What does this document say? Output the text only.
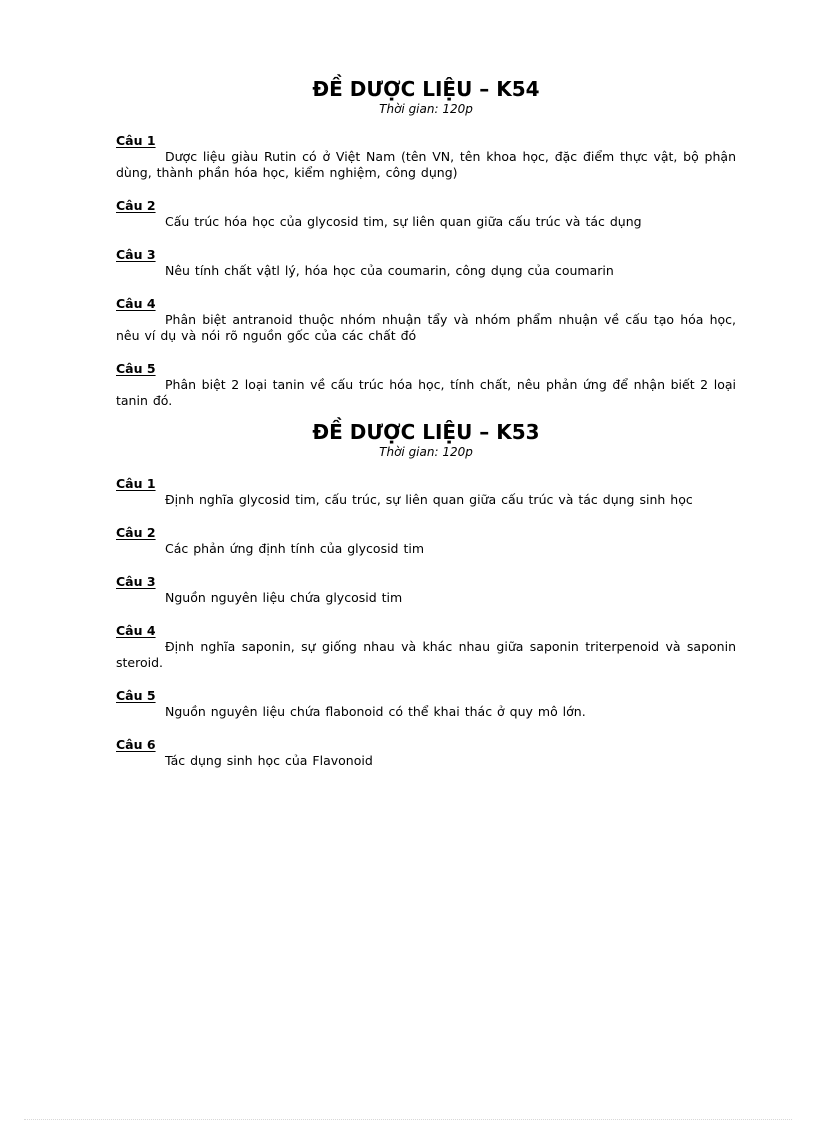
ĐỀ DƯỢC LIỆU – K54

Thời gian: 120p

Câu 1

Dược liệu giàu Rutin có ở Việt Nam (tên VN, tên khoa học, đặc điểm thực vật, bộ phận dùng, thành phần hóa học, kiểm nghiệm, công dụng)

Câu 2

Cấu trúc hóa học của glycosid tim, sự liên quan giữa cấu trúc và tác dụng

Câu 3

Nêu tính chất vậtl lý, hóa học của coumarin, công dụng của coumarin

Câu 4

Phân biệt antranoid thuộc nhóm nhuận tẩy và nhóm phẩm nhuận về cấu tạo hóa học, nêu ví dụ và nói rõ nguồn gốc của các chất đó

Câu 5

Phân biệt 2 loại tanin về cấu trúc hóa học, tính chất, nêu phản ứng để nhận biết 2 loại tanin đó.

ĐỀ DƯỢC LIỆU – K53

Thời gian: 120p

Câu 1

Định nghĩa glycosid tim, cấu trúc, sự liên quan giữa cấu trúc và tác dụng sinh học

Câu 2

Các phản ứng định tính của glycosid tim

Câu 3

Nguồn nguyên liệu chứa glycosid tim

Câu 4

Định nghĩa saponin, sự giống nhau và khác nhau giữa saponin triterpenoid và saponin steroid.

Câu 5

Nguồn nguyên liệu chứa flabonoid có thể khai thác ở quy mô lớn.

Câu 6

Tác dụng sinh học của Flavonoid
